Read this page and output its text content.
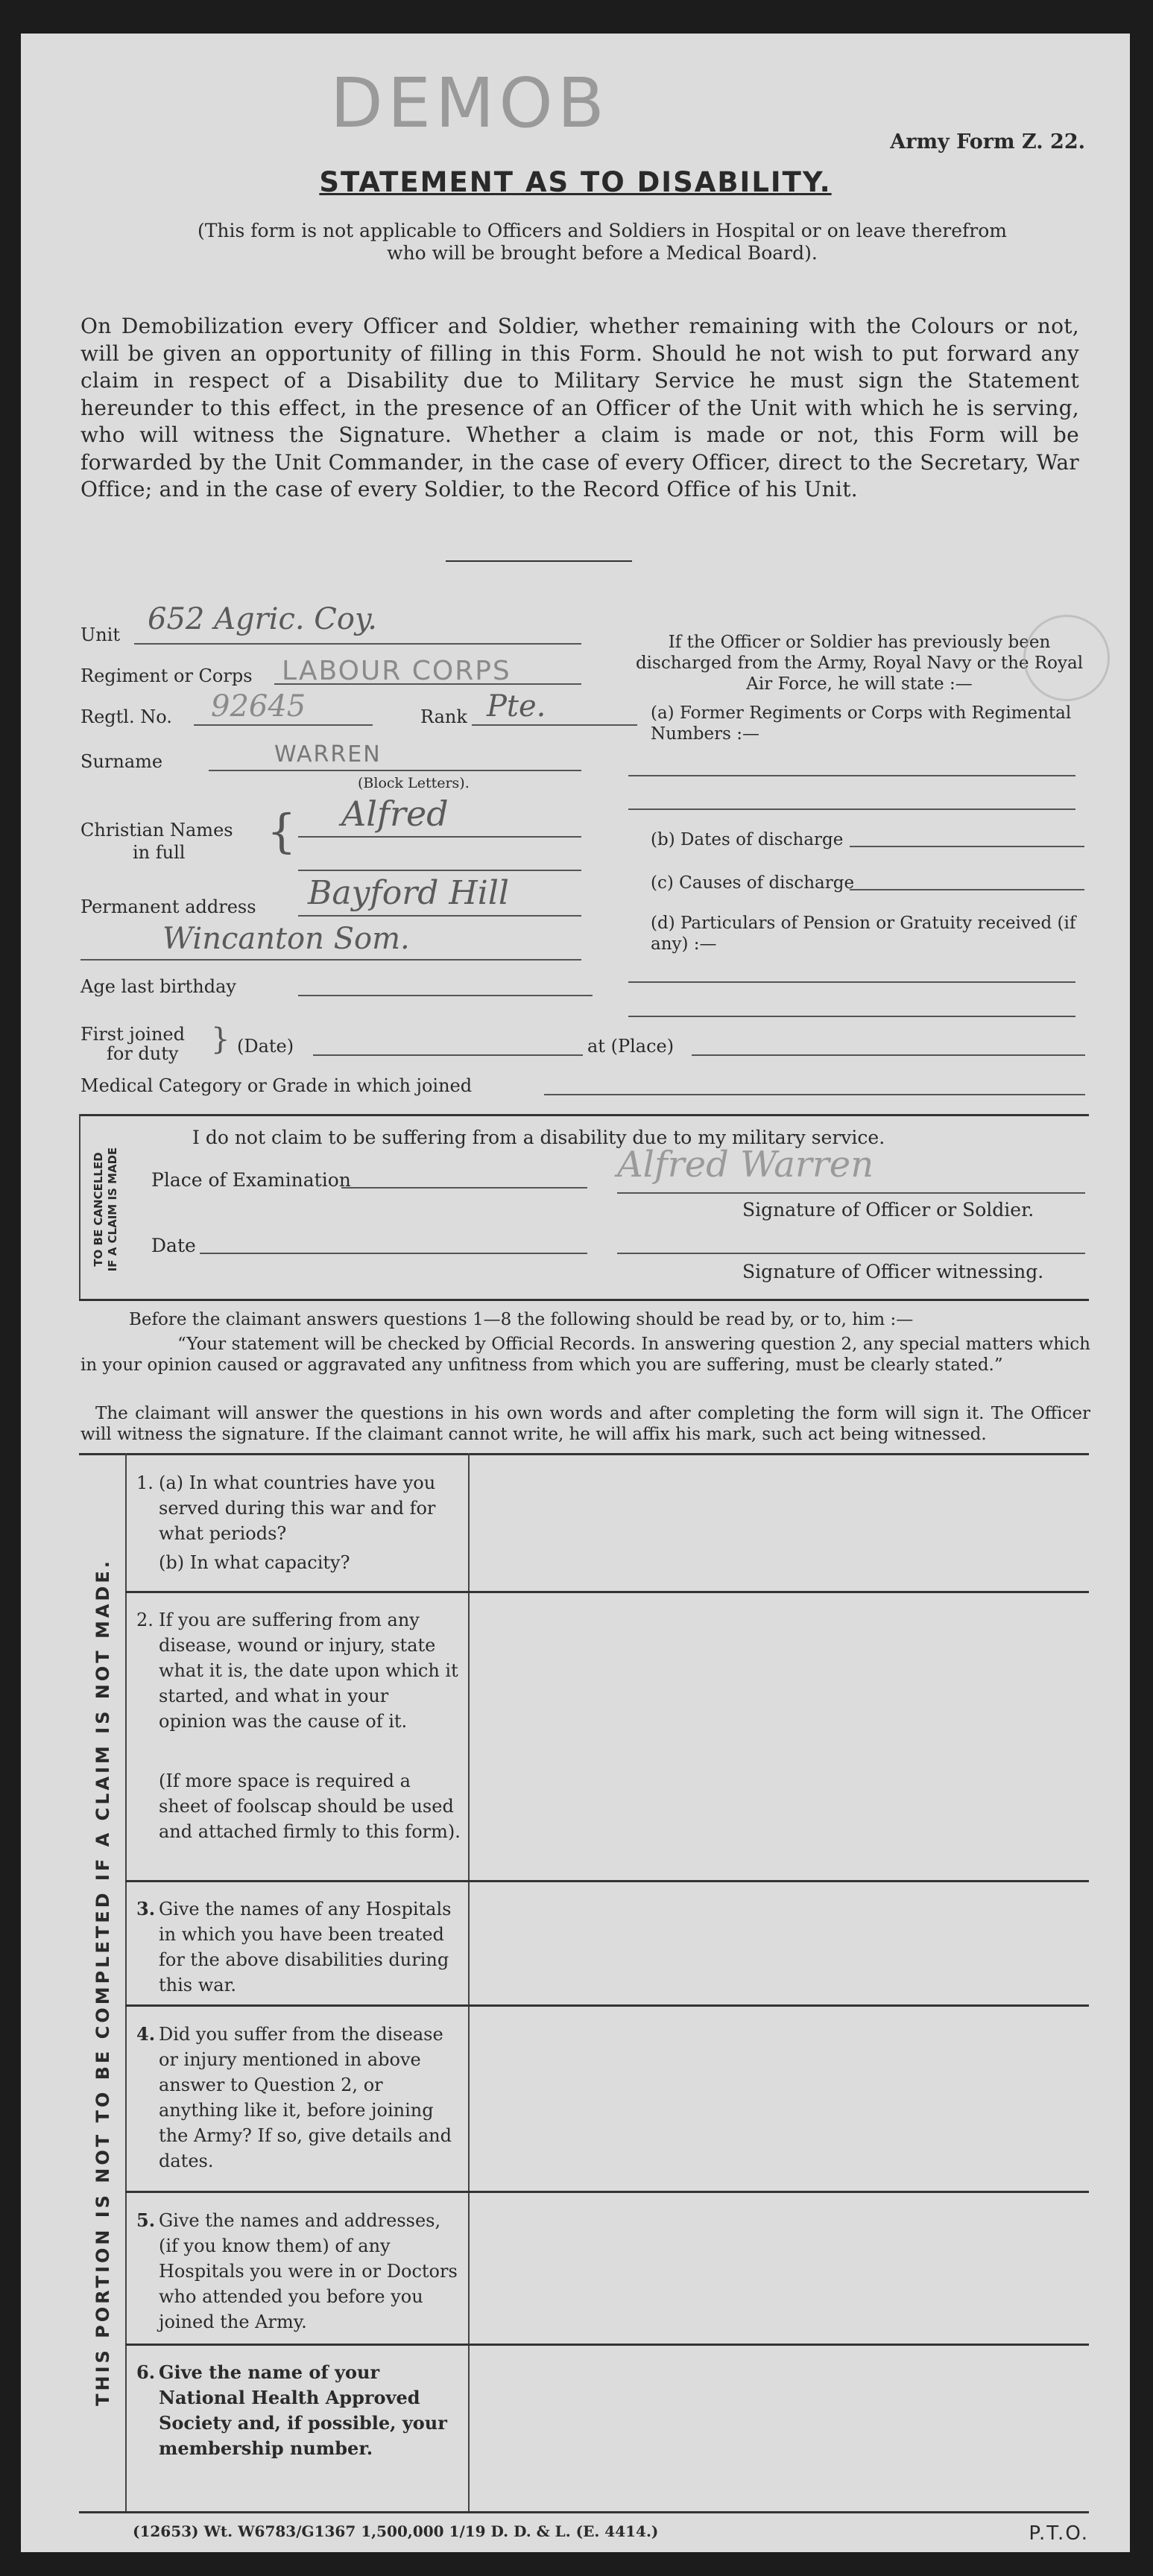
DEMOB	Army Form Z. 22.
STATEMENT AS TO DISABILITY.
(This form is not applicable to Officers and Soldiers in Hospital or on leave therefrom who will be brought before a Medical Board).
On Demobilization every Officer and Soldier, whether remaining with the Colours or not, will be given an opportunity of filling in this Form. Should he not wish to put forward any claim in respect of a Disability due to Military Service he must sign the Statement hereunder to this effect, in the presence of an Officer of the Unit with which he is serving, who will witness the Signature. Whether a claim is made or not, this Form will be forwarded by the Unit Commander, in the case of every Officer, direct to the Secretary, War Office; and in the case of every Soldier, to the Record Office of his Unit.
Unit 652 Agric. Coy.
Regiment or Corps LABOUR CORPS
Regtl. No. 92645	Rank Pte.
Surname	WARREN
(Block Letters).
Christian Names
in full { Alfred
Permanent address Bayford Hill
Wincanton Som.
Age last birthday
First joined
for duty } (Date)	at (Place)
Medical Category or Grade in which joined
If the Officer or Soldier has previously been discharged from the Army, Royal Navy or the Royal Air Force, he will state :—
(a) Former Regiments or Corps with Regimental Numbers :—
(b) Dates of discharge
(c) Causes of discharge
(d) Particulars of Pension or Gratuity received (if any) :—
TO BE CANCELLED IF A CLAIM IS MADE
I do not claim to be suffering from a disability due to my military service.
Place of Examination	Alfred Warren
Signature of Officer or Soldier.
Date
Signature of Officer witnessing.
Before the claimant answers questions 1—8 the following should be read by, or to, him :—
“Your statement will be checked by Official Records. In answering question 2, any special matters which in your opinion caused or aggravated any unfitness from which you are suffering, must be clearly stated.”
The claimant will answer the questions in his own words and after completing the form will sign it. The Officer will witness the signature. If the claimant cannot write, he will affix his mark, such act being witnessed.
THIS PORTION IS NOT TO BE COMPLETED IF A CLAIM IS NOT MADE.
1. (a) In what countries have you served during this war and for what periods?
(b) In what capacity?
2. If you are suffering from any disease, wound or injury, state what it is, the date upon which it started, and what in your opinion was the cause of it.
(If more space is required a sheet of foolscap should be used and attached firmly to this form).
3. Give the names of any Hospitals in which you have been treated for the above disabilities during this war.
4. Did you suffer from the disease or injury mentioned in above answer to Question 2, or anything like it, before joining the Army? If so, give details and dates.
5. Give the names and addresses, (if you know them) of any Hospitals you were in or Doctors who attended you before you joined the Army.
6. Give the name of your National Health Approved Society and, if possible, your membership number.
(12653) Wt. W6783/G1367 1,500,000 1/19 D. D. & L. (E. 4414.)	P.T.O.
